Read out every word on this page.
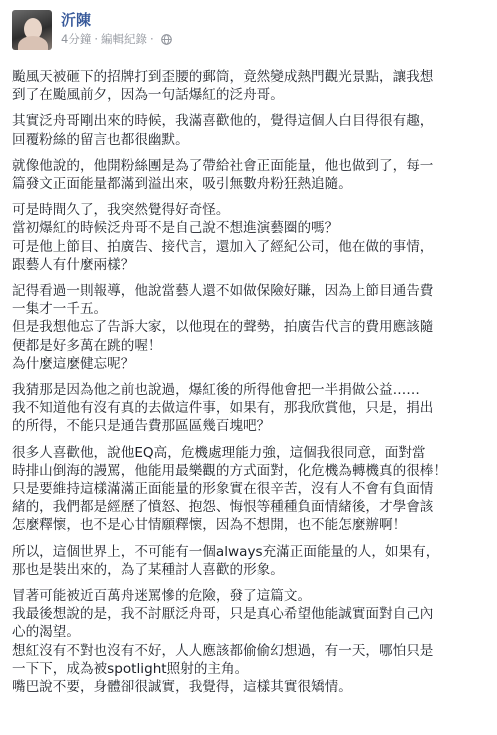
沂陳
4分鐘 · 編輯紀錄 ·
颱風天被砸下的招牌打到歪腰的郵筒，竟然變成熱門觀光景點，讓我想
到了在颱風前夕，因為一句話爆紅的泛舟哥。
其實泛舟哥剛出來的時候，我滿喜歡他的，覺得這個人白目得很有趣，
回覆粉絲的留言也都很幽默。
就像他說的，他開粉絲團是為了帶給社會正面能量，他也做到了，每一
篇發文正面能量都滿到溢出來，吸引無數舟粉狂熱追隨。
可是時間久了，我突然覺得好奇怪。
當初爆紅的時候泛舟哥不是自己說不想進演藝圈的嗎？
可是他上節目、拍廣告、接代言，還加入了經紀公司，他在做的事情，
跟藝人有什麼兩樣？
記得看過一則報導，他說當藝人還不如做保險好賺，因為上節目通告費
一集才一千五。
但是我想他忘了告訴大家，以他現在的聲勢，拍廣告代言的費用應該隨
便都是好多萬在跳的喔！
為什麼這麼健忘呢？
我猜那是因為他之前也說過，爆紅後的所得他會把一半捐做公益……
我不知道他有沒有真的去做這件事，如果有，那我欣賞他，只是，捐出
的所得，不能只是通告費那區區幾百塊吧？
很多人喜歡他，說他EQ高，危機處理能力強，這個我很同意，面對當
時排山倒海的謾罵，他能用最樂觀的方式面對，化危機為轉機真的很棒！
只是要維持這樣滿滿正面能量的形象實在很辛苦，沒有人不會有負面情
緒的，我們都是經歷了憤怒、抱怨、悔恨等種種負面情緒後，才學會該
怎麼釋懷，也不是心甘情願釋懷，因為不想開，也不能怎麼辦啊！
所以，這個世界上，不可能有一個always充滿正面能量的人，如果有，
那也是裝出來的，為了某種討人喜歡的形象。
冒著可能被近百萬舟迷罵慘的危險，發了這篇文。
我最後想說的是，我不討厭泛舟哥，只是真心希望他能誠實面對自己內
心的渴望。
想紅沒有不對也沒有不好，人人應該都偷偷幻想過，有一天，哪怕只是
一下下，成為被spotlight照射的主角。
嘴巴說不要，身體卻很誠實，我覺得，這樣其實很矯情。
